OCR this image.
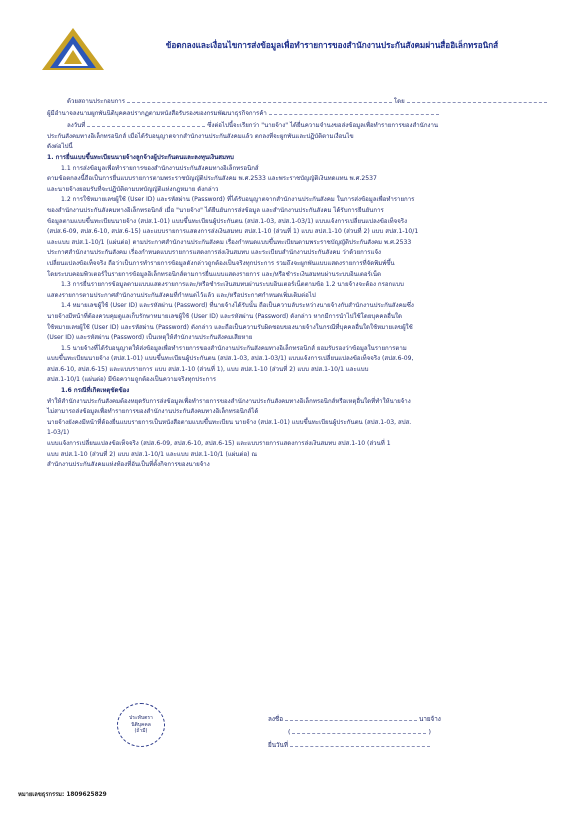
ข้อตกลงและเงื่อนไขการส่งข้อมูลเพื่อทำรายการของสำนักงานประกันสังคมผ่านสื่ออิเล็กทรอนิกส์
ด้วยสถานประกอบการ	โดย
ผู้มีอำนาจลงนามผูกพันนิติบุคคลปรากฏตามหนังสือรับรองของกรมพัฒนาธุรกิจการค้า
ลงวันที่	ซึ่งต่อไปนี้จะเรียกว่า "นายจ้าง" ได้ยื่นความจำนงขอส่งข้อมูลเพื่อทำรายการของสำนักงาน
ประกันสังคมทางอิเล็กทรอนิกส์ เมื่อได้รับอนุญาตจากสำนักงานประกันสังคมแล้ว ตกลงที่จะผูกพันและปฏิบัติตามเงื่อนไข
ดังต่อไปนี้

1. การยื่นแบบขึ้นทะเบียนนายจ้างลูกจ้างผู้ประกันตนและลงทุนเงินสมทบ

1.1 การส่งข้อมูลเพื่อทำรายการของสำนักงานประกันสังคมทางอิเล็กทรอนิกส์

ตามข้อตกลงนี้ถือเป็นการยื่นแบบรายการตามพระราชบัญญัติประกันสังคม พ.ศ.2533 และพระราชบัญญัติเงินทดแทน พ.ศ.2537

และนายจ้างยอมรับที่จะปฏิบัติตามบทบัญญัติแห่งกฎหมาย ดังกล่าว

1.2 การใช้หมายเลขผู้ใช้ (User ID) และรหัสผ่าน (Password) ที่ได้รับอนุญาตจากสำนักงานประกันสังคม ในการส่งข้อมูลเพื่อทำรายการ

ของสำนักงานประกันสังคมทางอิเล็กทรอนิกส์ เมื่อ "นายจ้าง" ได้ยืนยันการส่งข้อมูล และสำนักงานประกันสังคม ได้รับการยืนยันการ

ข้อมูลตามแบบขึ้นทะเบียนนายจ้าง (สปส.1-01) แบบขึ้นทะเบียนผู้ประกันตน (สปส.1-03, สปส.1-03/1) แบบแจ้งการเปลี่ยนแปลงข้อเท็จจริง

(สปส.6-09, สปส.6-10, สปส.6-15) และแบบรายการแสดงการส่งเงินสมทบ สปส.1-10 (ส่วนที่ 1) แบบ สปส.1-10 (ส่วนที่ 2) แบบ สปส.1-10/1

และแบบ สปส.1-10/1 (แผ่นต่อ) ตามประกาศสำนักงานประกันสังคม เรื่องกำหนดแบบขึ้นทะเบียนตามพระราชบัญญัติประกันสังคม พ.ศ.2533

ประกาศสำนักงานประกันสังคม เรื่องกำหนดแบบรายการแสดงการส่งเงินสมทบ และระเบียบสำนักงานประกันสังคม ว่าด้วยการแจ้ง

เปลี่ยนแปลงข้อเท็จจริง ถือว่าเป็นการทำรายการข้อมูลดังกล่าวถูกต้องเป็นจริงทุกประการ รวมถึงจะผูกพันแบบแสดงรายการที่จัดพิมพ์ขึ้น

โดยระบบคอมพิวเตอร์ในรายการข้อมูลอิเล็กทรอนิกส์ตามการยื่นแบบแสดงรายการ และ/หรือชำระเงินสมทบผ่านระบบอินเตอร์เน็ต

1.3 การยื่นรายการข้อมูลตามแบบแสดงรายการและ/หรือชำระเงินสมทบผ่านระบบอินเตอร์เน็ตตามข้อ 1.2 นายจ้างจะต้อง กรอกแบบ

แสดงรายการตามประกาศสำนักงานประกันสังคมที่กำหนดไว้แล้ว และ/หรือประกาศกำหนดเพิ่มเติมต่อไป

1.4 หมายเลขผู้ใช้ (User ID) และรหัสผ่าน (Password) ที่นายจ้างได้รับนั้น ถือเป็นความลับระหว่างนายจ้างกับสำนักงานประกันสังคมซึ่ง

นายจ้างมีหน้าที่ต้องควบคุมดูแลเก็บรักษาหมายเลขผู้ใช้ (User ID) และรหัสผ่าน (Password) ดังกล่าว หากมีการนำไปใช้โดยบุคคลอื่นใด

ใช้หมายเลขผู้ใช้ (User ID) และรหัสผ่าน (Password) ดังกล่าว และถือเป็นความรับผิดชอบของนายจ้างในกรณีที่บุคคลอื่นใดใช้หมายเลขผู้ใช้

(User ID) และรหัสผ่าน (Password) เป็นเหตุให้สำนักงานประกันสังคมเสียหาย

1.5 นายจ้างที่ได้รับอนุญาตให้ส่งข้อมูลเพื่อทำรายการของสำนักงานประกันสังคมทางอิเล็กทรอนิกส์ ยอมรับรองว่าข้อมูลในรายการตาม

แบบขึ้นทะเบียนนายจ้าง (สปส.1-01) แบบขึ้นทะเบียนผู้ประกันตน (สปส.1-03, สปส.1-03/1) แบบแจ้งการเปลี่ยนแปลงข้อเท็จจริง (สปส.6-09,

สปส.6-10, สปส.6-15) และแบบรายการ แบบ สปส.1-10 (ส่วนที่ 1), แบบ สปส.1-10 (ส่วนที่ 2) แบบ สปส.1-10/1 และแบบ

สปส.1-10/1 (แผ่นต่อ) มีข้อความถูกต้องเป็นความจริงทุกประการ

1.6 กรณีที่เกิดเหตุขัดข้อง

ทำให้สำนักงานประกันสังคมต้องหยุดรับการส่งข้อมูลเพื่อทำรายการของสำนักงานประกันสังคมทางอิเล็กทรอนิกส์หรือเหตุอื่นใดที่ทำให้นายจ้าง

ไม่สามารถส่งข้อมูลเพื่อทำรายการของสำนักงานประกันสังคมทางอิเล็กทรอนิกส์ได้

นายจ้างยังคงมีหน้าที่ต้องยื่นแบบรายการเป็นหนังสือตามแบบขึ้นทะเบียน นายจ้าง (สปส.1-01) แบบขึ้นทะเบียนผู้ประกันตน (สปส.1-03, สปส.

1-03/1)

แบบแจ้งการเปลี่ยนแปลงข้อเท็จจริง (สปส.6-09, สปส.6-10, สปส.6-15) และแบบรายการแสดงการส่งเงินสมทบ สปส.1-10 (ส่วนที่ 1

แบบ สปส.1-10 (ส่วนที่ 2) แบบ สปส.1-10/1 และแบบ สปส.1-10/1 (แผ่นต่อ) ณ

สำนักงานประกันสังคมแห่งท้องที่อันเป็นที่ตั้งกิจการของนายจ้าง

ประทับตรา
นิติบุคคล
(ถ้ามี)
ลงชื่อ	นายจ้าง
(	)
ยื่นวันที่
หมายเลขธุรกรรม: 1809625829
